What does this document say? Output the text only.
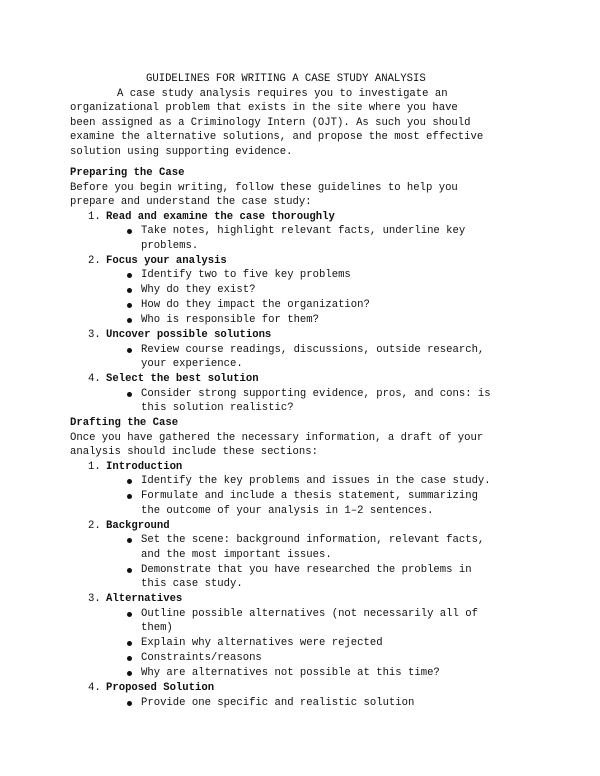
GUIDELINES FOR WRITING A CASE STUDY ANALYSIS
A case study analysis requires you to investigate an
organizational problem that exists in the site where you have
been assigned as a Criminology Intern (OJT). As such you should
examine the alternative solutions, and propose the most effective
solution using supporting evidence.
Preparing the Case
Before you begin writing, follow these guidelines to help you
prepare and understand the case study:
1. Read and examine the case thoroughly
Take notes, highlight relevant facts, underline key
problems.
2. Focus your analysis
Identify two to five key problems
Why do they exist?
How do they impact the organization?
Who is responsible for them?
3. Uncover possible solutions
Review course readings, discussions, outside research,
your experience.
4. Select the best solution
Consider strong supporting evidence, pros, and cons: is
this solution realistic?
Drafting the Case
Once you have gathered the necessary information, a draft of your
analysis should include these sections:
1. Introduction
Identify the key problems and issues in the case study.
Formulate and include a thesis statement, summarizing
the outcome of your analysis in 1–2 sentences.
2. Background
Set the scene: background information, relevant facts,
and the most important issues.
Demonstrate that you have researched the problems in
this case study.
3. Alternatives
Outline possible alternatives (not necessarily all of
them)
Explain why alternatives were rejected
Constraints/reasons
Why are alternatives not possible at this time?
4. Proposed Solution
Provide one specific and realistic solution
